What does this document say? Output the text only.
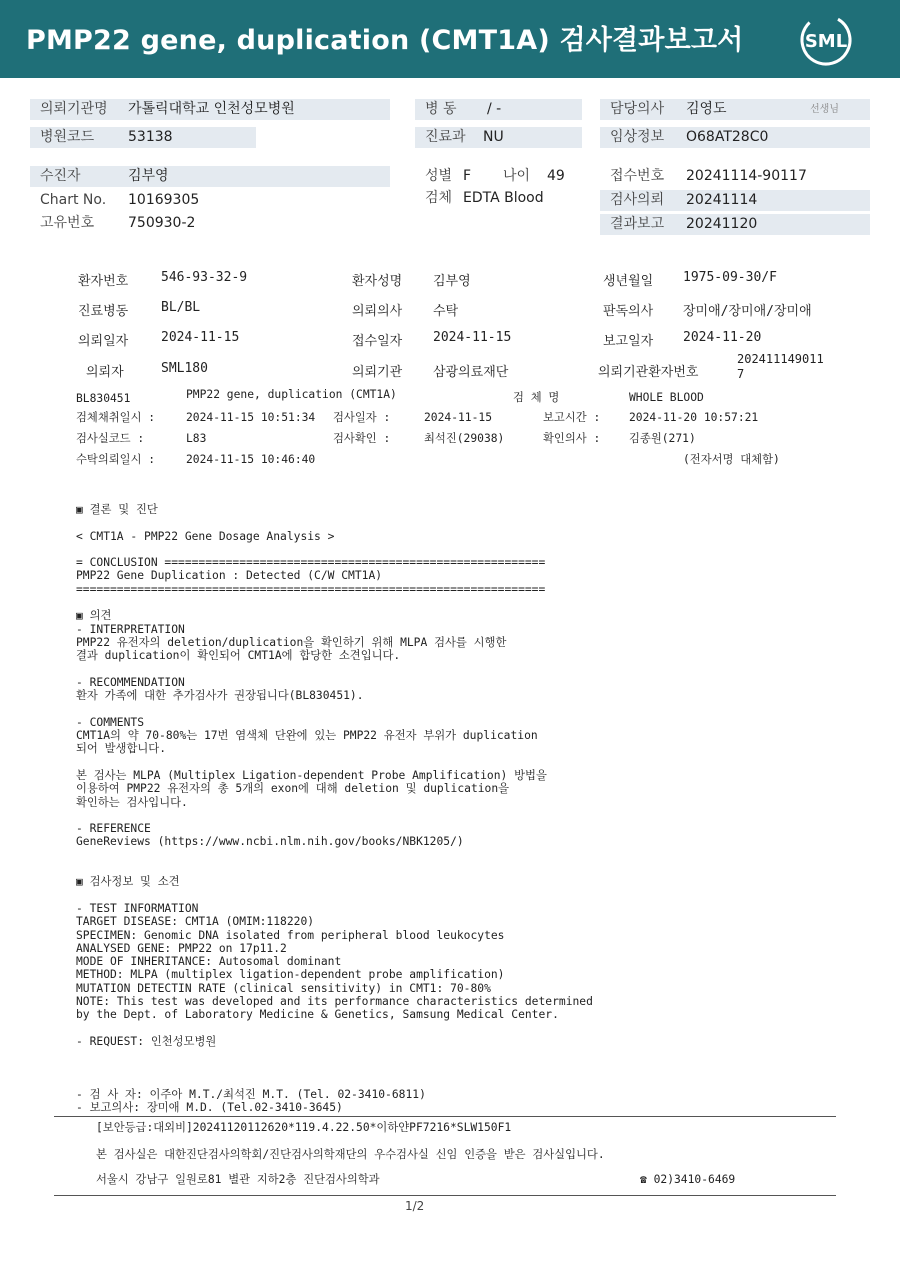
PMP22 gene, duplication (CMT1A) 검사결과보고서	SML
의뢰기관명 가톨릭대학교 인천성모병원	병 동 / -	담당의사 김영도	선생님
병원코드 53138	진료과 NU	임상정보 O68AT28C0
수진자	김부영	성별 F 나이 49	접수번호 20241114-90117
Chart No. 10169305	검체 EDTA Blood	검사의뢰 20241114
고유번호 750930-2	결과보고 20241120
환자번호	546-93-32-9	환자성명 김부영	생년월일 1975-09-30/F
진료병동	BL/BL	의뢰의사 수탁	판독의사 장미애/장미애/장미애
의뢰일자	2024-11-15	접수일자 2024-11-15	보고일자 2024-11-20
의뢰자	SML180	의뢰기관 삼광의료재단	의뢰기관환자번호
202411149011
7
BL830451	PMP22 gene, duplication (CMT1A)	검 체 명	WHOLE BLOOD
검체채취일시 :	2024-11-15 10:51:34 검사일자 :	2024-11-15	보고시간 :	2024-11-20 10:57:21
검사실코드 :	L83	검사확인 :	최석진(29038)	확인의사 :	김종원(271)
수탁의뢰일시 :	2024-11-15 10:46:40	(전자서명 대체함)
▣ 결론 및 진단
< CMT1A - PMP22 Gene Dosage Analysis >
= CONCLUSION ========================================================
PMP22 Gene Duplication : Detected (C/W CMT1A)
=====================================================================
▣ 의견
- INTERPRETATION
PMP22 유전자의 deletion/duplication을 확인하기 위해 MLPA 검사를 시행한
결과 duplication이 확인되어 CMT1A에 합당한 소견입니다.
- RECOMMENDATION
환자 가족에 대한 추가검사가 권장됩니다(BL830451).
- COMMENTS
CMT1A의 약 70-80%는 17번 염색체 단완에 있는 PMP22 유전자 부위가 duplication
되어 발생합니다.
본 검사는 MLPA (Multiplex Ligation-dependent Probe Amplification) 방법을
이용하여 PMP22 유전자의 총 5개의 exon에 대해 deletion 및 duplication을
확인하는 검사입니다.
- REFERENCE
GeneReviews (https://www.ncbi.nlm.nih.gov/books/NBK1205/)
▣ 검사정보 및 소견
- TEST INFORMATION
TARGET DISEASE: CMT1A (OMIM:118220)
SPECIMEN: Genomic DNA isolated from peripheral blood leukocytes
ANALYSED GENE: PMP22 on 17p11.2
MODE OF INHERITANCE: Autosomal dominant
METHOD: MLPA (multiplex ligation-dependent probe amplification)
MUTATION DETECTIN RATE (clinical sensitivity) in CMT1: 70-80%
NOTE: This test was developed and its performance characteristics determined
by the Dept. of Laboratory Medicine & Genetics, Samsung Medical Center.
- REQUEST: 인천성모병원
- 검 사 자: 이주아 M.T./최석진 M.T. (Tel. 02-3410-6811)
- 보고의사: 장미애 M.D. (Tel.02-3410-3645)
[보안등급:대외비]20241120112620*119.4.22.50*이하얀PF7216*SLW150F1
본 검사실은 대한진단검사의학회/진단검사의학재단의 우수검사실 신임 인증을 받은 검사실입니다.
서울시 강남구 일원로81 별관 지하2층 진단검사의학과	☎ 02)3410-6469
1/2
